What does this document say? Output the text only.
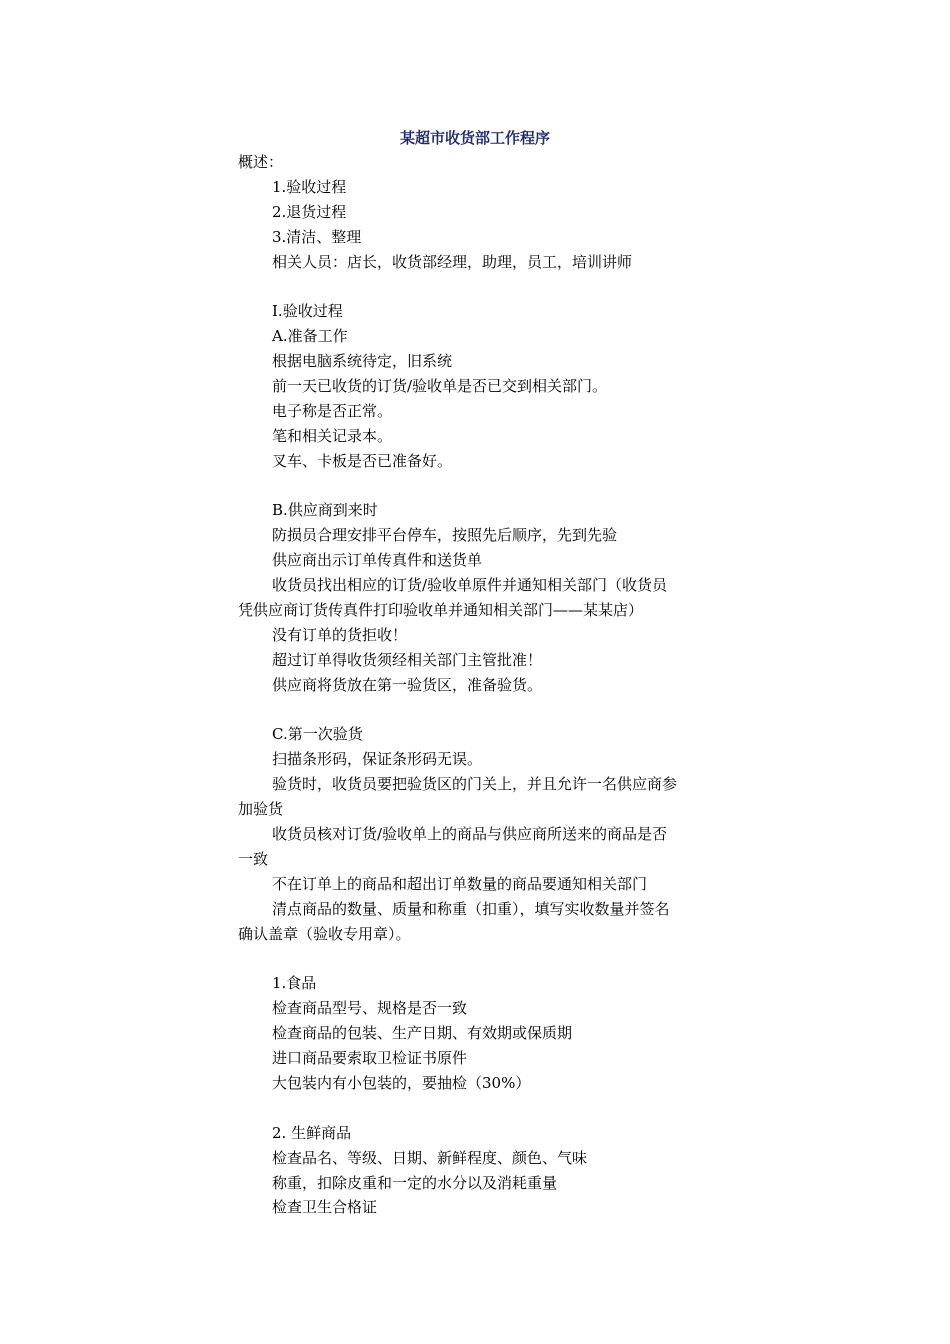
某超市收货部工作程序
概述：
1.验收过程
2.退货过程
3.清洁、整理
相关人员：店长，收货部经理，助理，员工，培训讲师
I.验收过程
A.准备工作
根据电脑系统待定，旧系统
前一天已收货的订货/验收单是否已交到相关部门。
电子称是否正常。
笔和相关记录本。
叉车、卡板是否已准备好。
B.供应商到来时
防损员合理安排平台停车，按照先后顺序，先到先验
供应商出示订单传真件和送货单
收货员找出相应的订货/验收单原件并通知相关部门（收货员
凭供应商订货传真件打印验收单并通知相关部门——某某店）
没有订单的货拒收！
超过订单得收货须经相关部门主管批准！
供应商将货放在第一验货区，准备验货。
C.第一次验货
扫描条形码，保证条形码无误。
验货时，收货员要把验货区的门关上，并且允许一名供应商参
加验货
收货员核对订货/验收单上的商品与供应商所送来的商品是否
一致
不在订单上的商品和超出订单数量的商品要通知相关部门
清点商品的数量、质量和称重（扣重），填写实收数量并签名
确认盖章（验收专用章）。
1.食品
检查商品型号、规格是否一致
检查商品的包装、生产日期、有效期或保质期
进口商品要索取卫检证书原件
大包装内有小包装的，要抽检（30%）
2. 生鲜商品
检查品名、等级、日期、新鲜程度、颜色、气味
称重，扣除皮重和一定的水分以及消耗重量
检查卫生合格证
